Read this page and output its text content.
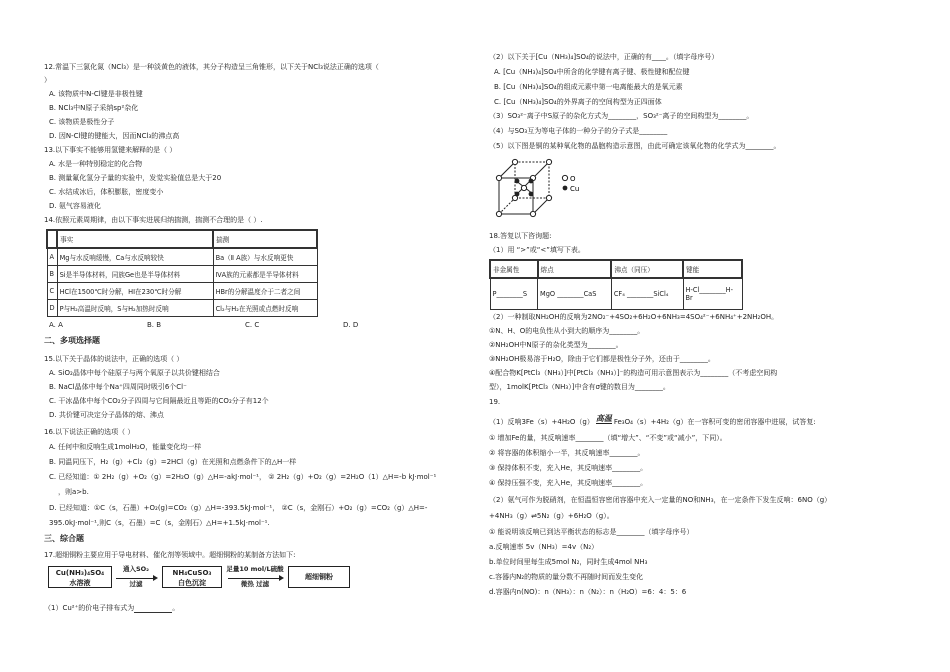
12.常温下三氯化氮（NCl₃）是一种淡黄色的液体，其分子构造呈三角锥形，以下关于NCl₃说法正确的选项（
）
A. 该物质中N-Cl键是非极性键
B. NCl₃中N原子采纳sp²杂化
C. 该物质是极性分子
D. 因N-Cl键的键能大，因而NCl₃的沸点高
13.以下事实不能够用氢键来解释的是（ ）
A. 水是一种特别稳定的化合物
B. 测量氟化氢分子量的实验中，发觉实验值总是大于20
C. 水结成冰后，体积膨胀，密度变小
D. 氨气容易液化
14.依照元素周期律，由以下事实进展归纳揣测，揣测不合理的是（ ）.
	事实	揣测
A	Mg与水反响缓慢，Ca与水反响较快	Ba（Ⅱ A族）与水反响更快
B	Si是半导体材料，同族Ge也是半导体材料	ⅣA族的元素都是半导体材料
C	HCl在1500℃时分解，HI在230℃时分解	HBr的分解温度介于二者之间
D	P与H₂高温时反响，S与H₂加热时反响	Cl₂与H₂在光照或点燃时反响
A. A	B. B	C. C	D. D
二、多项选择题
15.以下关于晶体的说法中，正确的选项（ ）
A. SiO₂晶体中每个硅原子与两个氧原子以共价键相结合
B. NaCl晶体中每个Na⁺四周同时吸引6个Cl⁻
C. 干冰晶体中每个CO₂分子四周与它间隔最近且等距的CO₂分子有12个
D. 共价键可决定分子晶体的熔、沸点
16.以下说法正确的选项（ ）
A. 任何中和反响生成1molH₂O，能量变化均一样
B. 同温同压下，H₂（g）+Cl₂（g）=2HCl（g）在光照和点燃条件下的△H一样
C. 已经知道：① 2H₂（g）+O₂（g）=2H₂O（g）△H=-akJ·mol⁻¹， ② 2H₂（g）+O₂（g）=2H₂O（1）△H=-b kJ·mol⁻¹
，则a>b.
D. 已经知道：①C（s，石墨）+O₂(g)=CO₂（g）△H=-393.5kJ·mol⁻¹， ②C（s，金刚石）+O₂（g）=CO₂（g）△H=-
395.0kJ·mol⁻¹,则C（s，石墨）=C（s，金刚石）△H=+1.5kJ·mol⁻¹.
三、综合题
17.超细铜粉主要应用于导电材料、催化剂等领域中。超细铜粉的某制备方法如下:
Cu(NH₃)₄SO₄
水溶液
通入SO₂
过滤
NH₄CuSO₃
白色沉淀
足量10 mol/L硫酸
微热 过滤
超细铜粉
（1）Cu²⁺的价电子排布式为	。
（2）以下关于[Cu（NH₃)₄]SO₄的说法中，正确的有____。（填字母序号）
A. [Cu（NH₃)₄]SO₄中所含的化学键有离子键、极性键和配位键
B. [Cu（NH₃)₄]SO₄的组成元素中第一电离能最大的是氧元素
C. [Cu（NH₃)₄]SO₄的外界离子的空间构型为正四面体
（3）SO₃²⁻离子中S原子的杂化方式为________，SO₃²⁻离子的空间构型为________。
（4）与SO₃互为等电子体的一种分子的分子式是________
（5）以下图是铜的某种氧化物的晶胞构造示意图，由此可确定该氧化物的化学式为________。
O
Cu
18.答复以下咨询题:
（1）用 “>”或“<”填写下表。
非金属性	熔点	沸点（同压）	键能
P________S	MgO ________CaS	CF₄ ________SiCl₄	H-Cl________H-Br
（2）一种制取NH₂OH的反响为2NO₂⁻+4SO₂+6H₂O+6NH₃=4SO₄²⁻+6NH₄⁺+2NH₂OH。
①N、H、O的电负性从小到大的顺序为________。
②NH₂OH中N原子的杂化类型为________。
③NH₂OH极易溶于H₂O，除由于它们都是极性分子外，还由于________。
④配合物K[PtCl₃（NH₃）]中[PtCl₃（NH₃）]⁻的构造可用示意图表示为________（不考虑空间构
型），1molK[PtCl₃（NH₃）]中含有σ键的数目为________。
19.
（1）反响3Fe（s）+4H₂O（g） 高温 Fe₃O₄（s）+4H₂（g）在一容积可变的密闭容器中进展，试答复:
① 增加Fe的量，其反响速率________（填“增大”、“不变”或“减小”，下同）。
② 将容器的体积缩小一半，其反响速率________。
③ 保持体积不变，充入He，其反响速率________。
④ 保持压强不变，充入He，其反响速率________。
（2）氨气可作为脱硝剂，在恒温恒容密闭容器中充入一定量的NO和NH₃，在一定条件下发生反响：6NO（g）
+4NH₃（g）⇌5N₂（g）+6H₂O（g）。
① 能说明该反响已到达平衡状态的标志是________（填字母序号）
a.反响速率 5v（NH₃）=4v（N₂）
b.单位时间里每生成5mol N₂，同时生成4mol NH₃
c.容器内N₂的物质的量分数不再随时间而发生变化
d.容器内n(NO)：n（NH₃）：n（N₂）：n（H₂O）=6：4：5：6
